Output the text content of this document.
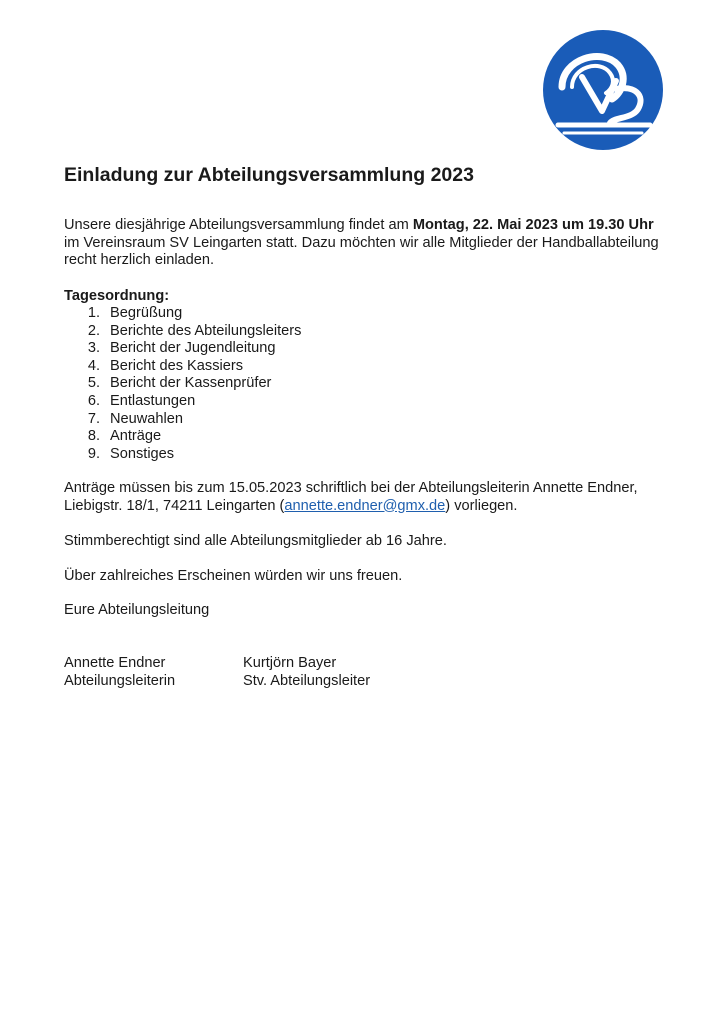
Einladung zur Abteilungsversammlung 2023
Unsere diesjährige Abteilungsversammlung findet am Montag, 22. Mai 2023 um 19.30 Uhr im Vereinsraum SV Leingarten statt. Dazu möchten wir alle Mitglieder der Handballabteilung recht herzlich einladen.
Tagesordnung:
1. Begrüßung
2. Berichte des Abteilungsleiters
3. Bericht der Jugendleitung
4. Bericht des Kassiers
5. Bericht der Kassenprüfer
6. Entlastungen
7. Neuwahlen
8. Anträge
9. Sonstiges
Anträge müssen bis zum 15.05.2023 schriftlich bei der Abteilungsleiterin Annette Endner, Liebigstr. 18/1, 74211 Leingarten (annette.endner@gmx.de) vorliegen.
Stimmberechtigt sind alle Abteilungsmitglieder ab 16 Jahre.
Über zahlreiches Erscheinen würden wir uns freuen.
Eure Abteilungsleitung
Annette Endner
Abteilungsleiterin
Kurtjörn Bayer
Stv. Abteilungsleiter
